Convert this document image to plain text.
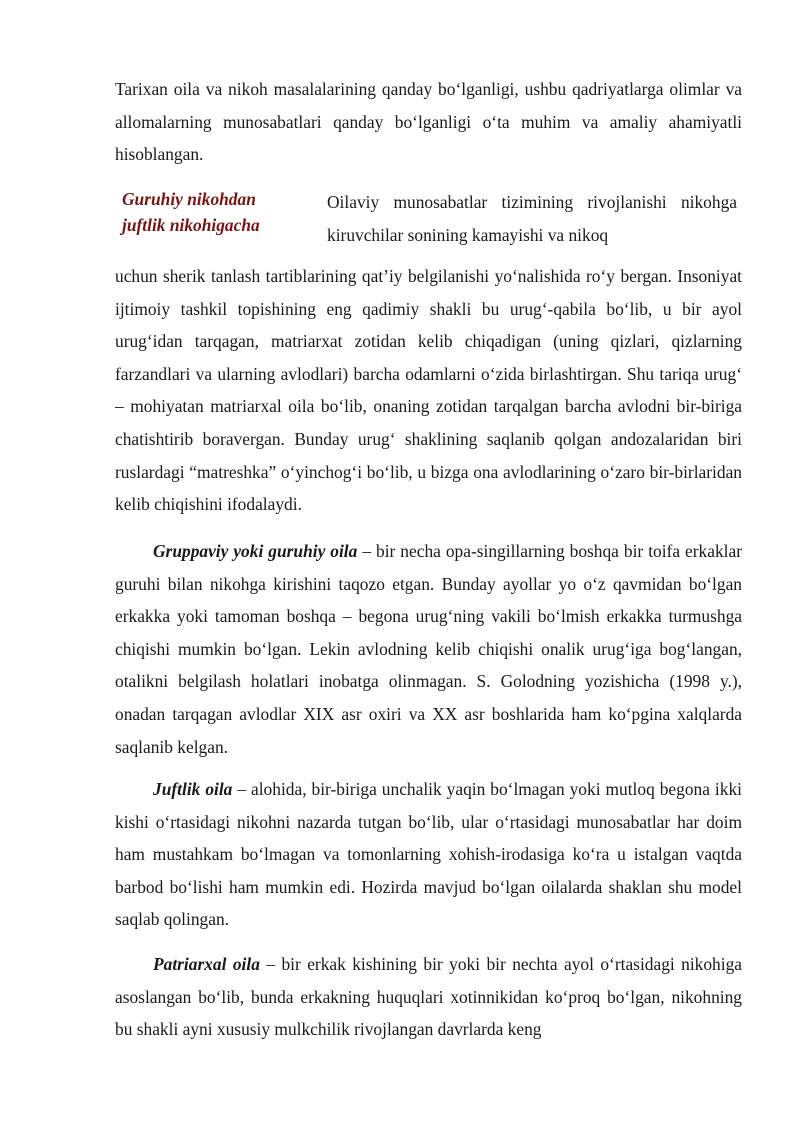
Tarixan oila va nikoh masalalarining qanday bo‘lganligi, ushbu qadriyatlarga olimlar va allomalarning munosabatlari qanday bo‘lganligi o‘ta muhim va amaliy ahamiyatli hisoblangan.

Guruhiy nikohdan
juftlik nikohigacha

Oilaviy munosabatlar tizimining rivojlanishi nikohga kiruvchilar sonining kamayishi va nikoq

uchun sherik tanlash tartiblarining qat’iy belgilanishi yo‘nalishida ro‘y bergan. Insoniyat ijtimoiy tashkil topishining eng qadimiy shakli bu urug‘-qabila bo‘lib, u bir ayol urug‘idan tarqagan, matriarxat zotidan kelib chiqadigan (uning qizlari, qizlarning farzandlari va ularning avlodlari) barcha odamlarni o‘zida birlashtirgan. Shu tariqa urug‘ – mohiyatan matriarxal oila bo‘lib, onaning zotidan tarqalgan barcha avlodni bir-biriga chatishtirib boravergan. Bunday urug‘ shaklining saqlanib qolgan andozalaridan biri ruslardagi “matreshka” o‘yinchog‘i bo‘lib, u bizga ona avlodlarining o‘zaro bir-birlaridan kelib chiqishini ifodalaydi.

Gruppaviy yoki guruhiy oila – bir necha opa-singillarning boshqa bir toifa erkaklar guruhi bilan nikohga kirishini taqozo etgan. Bunday ayollar yo o‘z qavmidan bo‘lgan erkakka yoki tamoman boshqa – begona urug‘ning vakili bo‘lmish erkakka turmushga chiqishi mumkin bo‘lgan. Lekin avlodning kelib chiqishi onalik urug‘iga bog‘langan, otalikni belgilash holatlari inobatga olinmagan. S. Golodning yozishicha (1998 y.), onadan tarqagan avlodlar XIX asr oxiri va XX asr boshlarida ham ko‘pgina xalqlarda saqlanib kelgan.

Juftlik oila – alohida, bir-biriga unchalik yaqin bo‘lmagan yoki mutloq begona ikki kishi o‘rtasidagi nikohni nazarda tutgan bo‘lib, ular o‘rtasidagi munosabatlar har doim ham mustahkam bo‘lmagan va tomonlarning xohish-irodasiga ko‘ra u istalgan vaqtda barbod bo‘lishi ham mumkin edi. Hozirda mavjud bo‘lgan oilalarda shaklan shu model saqlab qolingan.

Patriarxal oila – bir erkak kishining bir yoki bir nechta ayol o‘rtasidagi nikohiga asoslangan bo‘lib, bunda erkakning huquqlari xotinnikidan ko‘proq bo‘lgan, nikohning bu shakli ayni xususiy mulkchilik rivojlangan davrlarda keng
